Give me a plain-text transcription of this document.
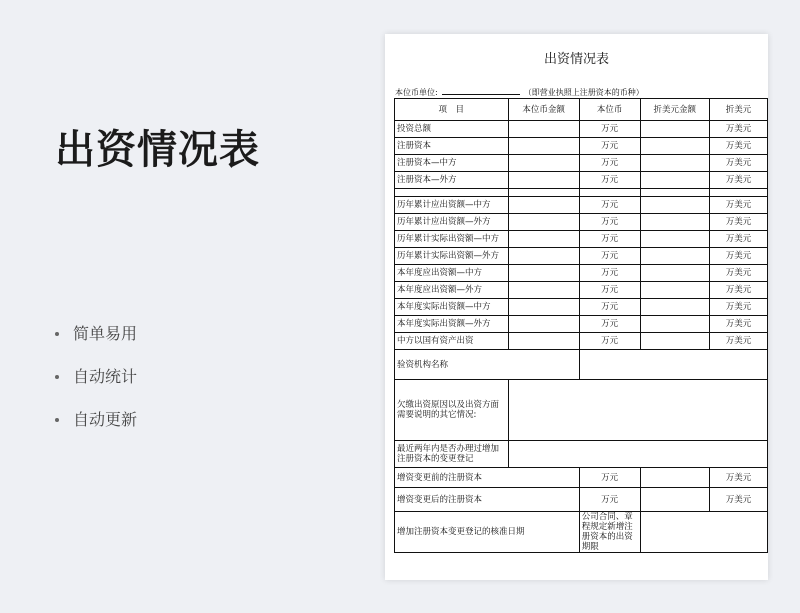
出资情况表
简单易用
自动统计
自动更新
出资情况表
本位币单位:	（即营业执照上注册资本的币种）
项　目	本位币金额	本位币	折美元金额	折美元
投资总额		万元		万美元
注册资本		万元		万美元
注册资本—中方		万元		万美元
注册资本—外方		万元		万美元

历年累计应出资额—中方		万元		万美元
历年累计应出资额—外方		万元		万美元
历年累计实际出资额—中方		万元		万美元
历年累计实际出资额—外方		万元		万美元
本年度应出资额—中方		万元		万美元
本年度应出资额—外方		万元		万美元
本年度实际出资额—中方		万元		万美元
本年度实际出资额—外方		万元		万美元
中方以国有资产出资		万元		万美元
验资机构名称				
欠缴出资原因以及出资方面需要说明的其它情况:				
最近两年内是否办理过增加注册资本的变更登记				
增资变更前的注册资本		万元		万美元
增资变更后的注册资本		万元		万美元
增加注册资本变更登记的核准日期		公司合同、章程规定新增注册资本的出资期限		
